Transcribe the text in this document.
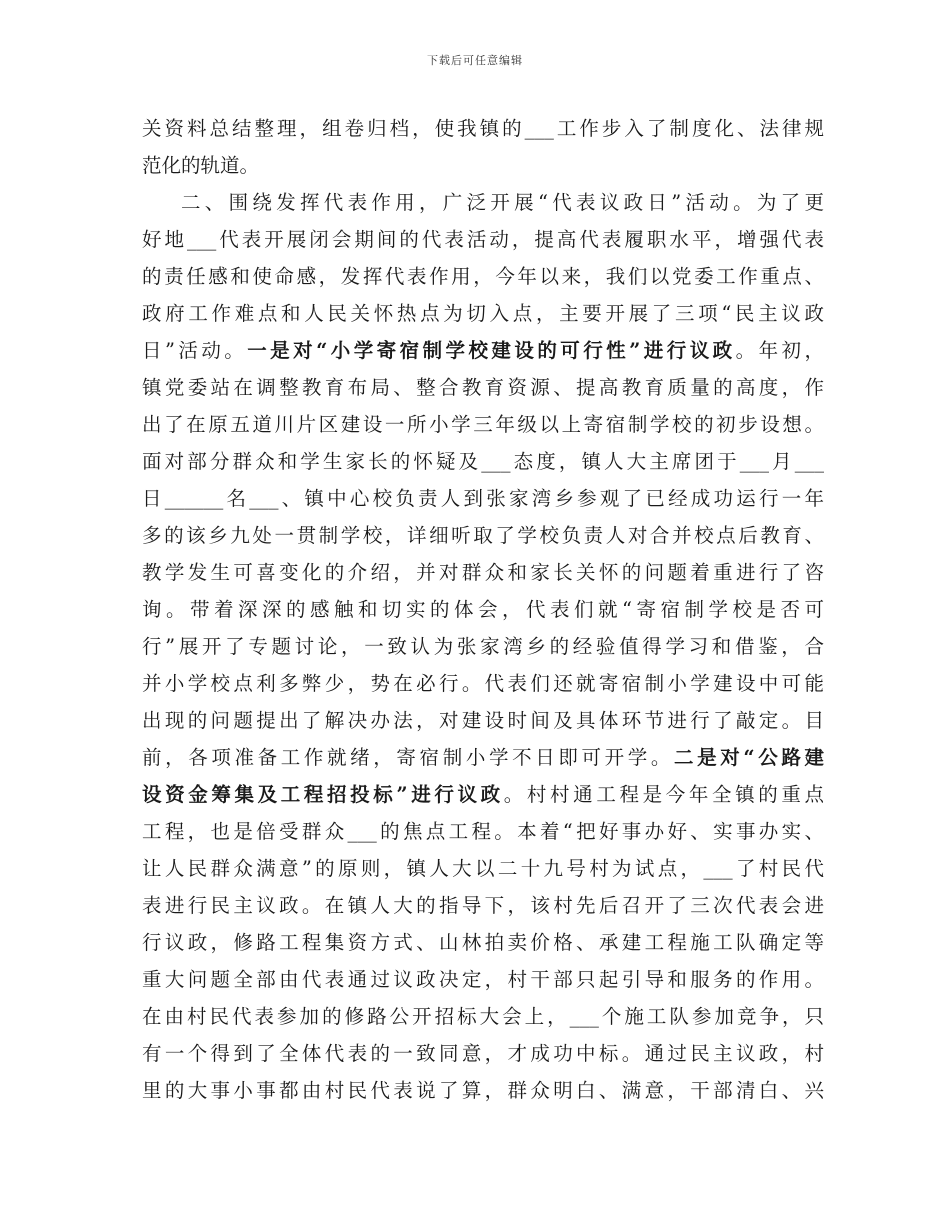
下载后可任意编辑
关资料总结整理，组卷归档，使我镇的___工作步入了制度化、法律规
范化的轨道。
二、围绕发挥代表作用，广泛开展“代表议政日”活动。为了更
好地___代表开展闭会期间的代表活动，提高代表履职水平，增强代表
的责任感和使命感，发挥代表作用，今年以来，我们以党委工作重点、
政府工作难点和人民关怀热点为切入点，主要开展了三项“民主议政
日”活动。一是对“小学寄宿制学校建设的可行性”进行议政。年初，
镇党委站在调整教育布局、整合教育资源、提高教育质量的高度，作
出了在原五道川片区建设一所小学三年级以上寄宿制学校的初步设想。
面对部分群众和学生家长的怀疑及___态度，镇人大主席团于___月___
日______名___、镇中心校负责人到张家湾乡参观了已经成功运行一年
多的该乡九处一贯制学校，详细听取了学校负责人对合并校点后教育、
教学发生可喜变化的介绍，并对群众和家长关怀的问题着重进行了咨
询。带着深深的感触和切实的体会，代表们就“寄宿制学校是否可
行”展开了专题讨论，一致认为张家湾乡的经验值得学习和借鉴，合
并小学校点利多弊少，势在必行。代表们还就寄宿制小学建设中可能
出现的问题提出了解决办法，对建设时间及具体环节进行了敲定。目
前，各项准备工作就绪，寄宿制小学不日即可开学。二是对“公路建
设资金筹集及工程招投标”进行议政。村村通工程是今年全镇的重点
工程，也是倍受群众___的焦点工程。本着“把好事办好、实事办实、
让人民群众满意”的原则，镇人大以二十九号村为试点，___了村民代
表进行民主议政。在镇人大的指导下，该村先后召开了三次代表会进
行议政，修路工程集资方式、山林拍卖价格、承建工程施工队确定等
重大问题全部由代表通过议政决定，村干部只起引导和服务的作用。
在由村民代表参加的修路公开招标大会上，___个施工队参加竞争，只
有一个得到了全体代表的一致同意，才成功中标。通过民主议政，村
里的大事小事都由村民代表说了算，群众明白、满意，干部清白、兴
